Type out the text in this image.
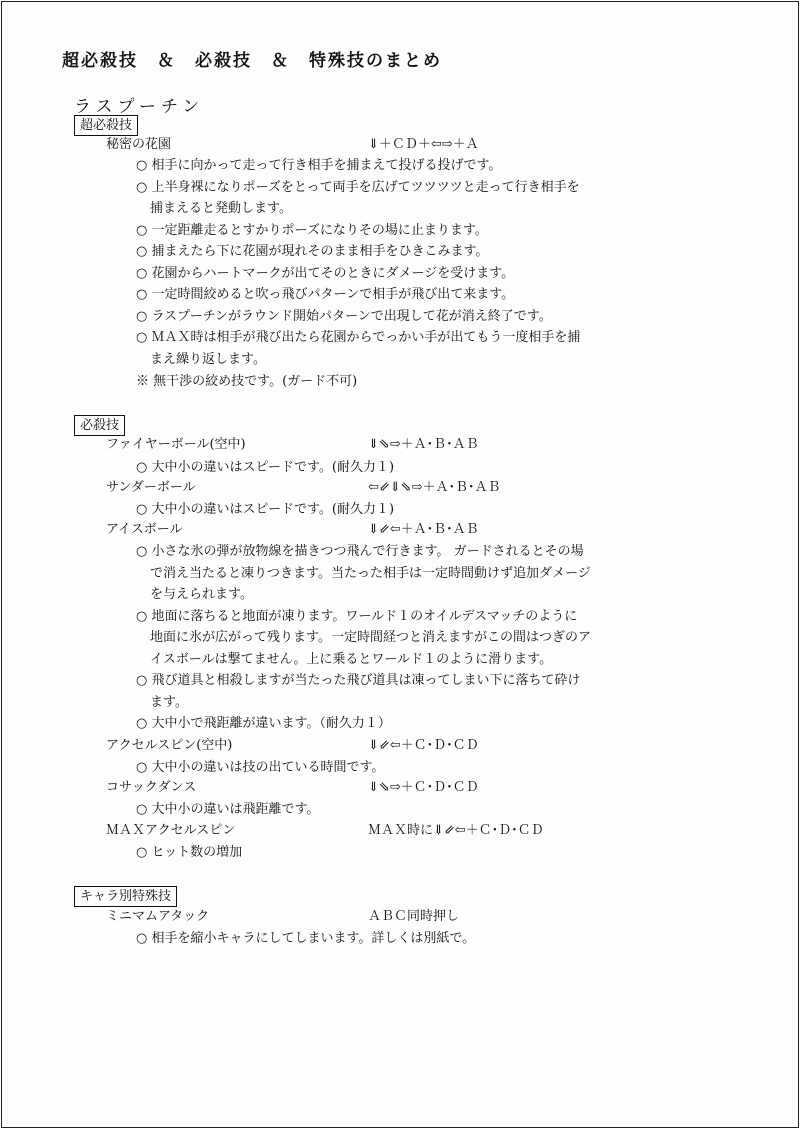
超必殺技　＆　必殺技　＆　特殊技のまとめ
ラスプーチン
超必殺技
秘密の花園	⇓＋ＣＤ＋⇦⇨＋Ａ
○ 相手に向かって走って行き相手を捕まえて投げる投げです。
○ 上半身裸になりポーズをとって両手を広げてツツツツと走って行き相手を
捕まえると発動します。
○ 一定距離走るとすかりポーズになりその場に止まります。
○ 捕まえたら下に花園が現れそのまま相手をひきこみます。
○ 花園からハートマークが出てそのときにダメージを受けます。
○ 一定時間絞めると吹っ飛びパターンで相手が飛び出て来ます。
○ ラスプーチンがラウンド開始パターンで出現して花が消え終了です。
○ ＭＡＸ時は相手が飛び出たら花園からでっかい手が出てもう一度相手を捕
まえ繰り返します。
※ 無干渉の絞め技です。(ガード不可)
必殺技
ファイヤーボール(空中)	⇓⇘⇨＋Ａ･Ｂ･ＡＢ
○ 大中小の違いはスピードです。(耐久力１)
サンダーボール	⇦⇙⇓⇘⇨＋Ａ･Ｂ･ＡＢ
○ 大中小の違いはスピードです。(耐久力１)
アイスボール	⇓⇙⇦＋Ａ･Ｂ･ＡＢ
○ 小さな氷の弾が放物線を描きつつ飛んで行きます。 ガードされるとその場
で消え当たると凍りつきます。当たった相手は一定時間動けず追加ダメージ
を与えられます。
○ 地面に落ちると地面が凍ります。ワールド１のオイルデスマッチのように
地面に氷が広がって残ります。一定時間経つと消えますがこの間はつぎのア
イスボールは撃てません。上に乗るとワールド１のように滑ります。
○ 飛び道具と相殺しますが当たった飛び道具は凍ってしまい下に落ちて砕け
ます。
○ 大中小で飛距離が違います。（耐久力１）
アクセルスピン(空中)	⇓⇙⇦＋Ｃ･Ｄ･ＣＤ
○ 大中小の違いは技の出ている時間です。
コサックダンス	⇓⇘⇨＋Ｃ･Ｄ･ＣＤ
○ 大中小の違いは飛距離です。
ＭＡＸアクセルスピン	ＭＡＸ時に⇓⇙⇦＋Ｃ･Ｄ･ＣＤ
○ ヒット数の増加
キャラ別特殊技
ミニマムアタック	ＡＢＣ同時押し
○ 相手を縮小キャラにしてしまいます。詳しくは別紙で。
